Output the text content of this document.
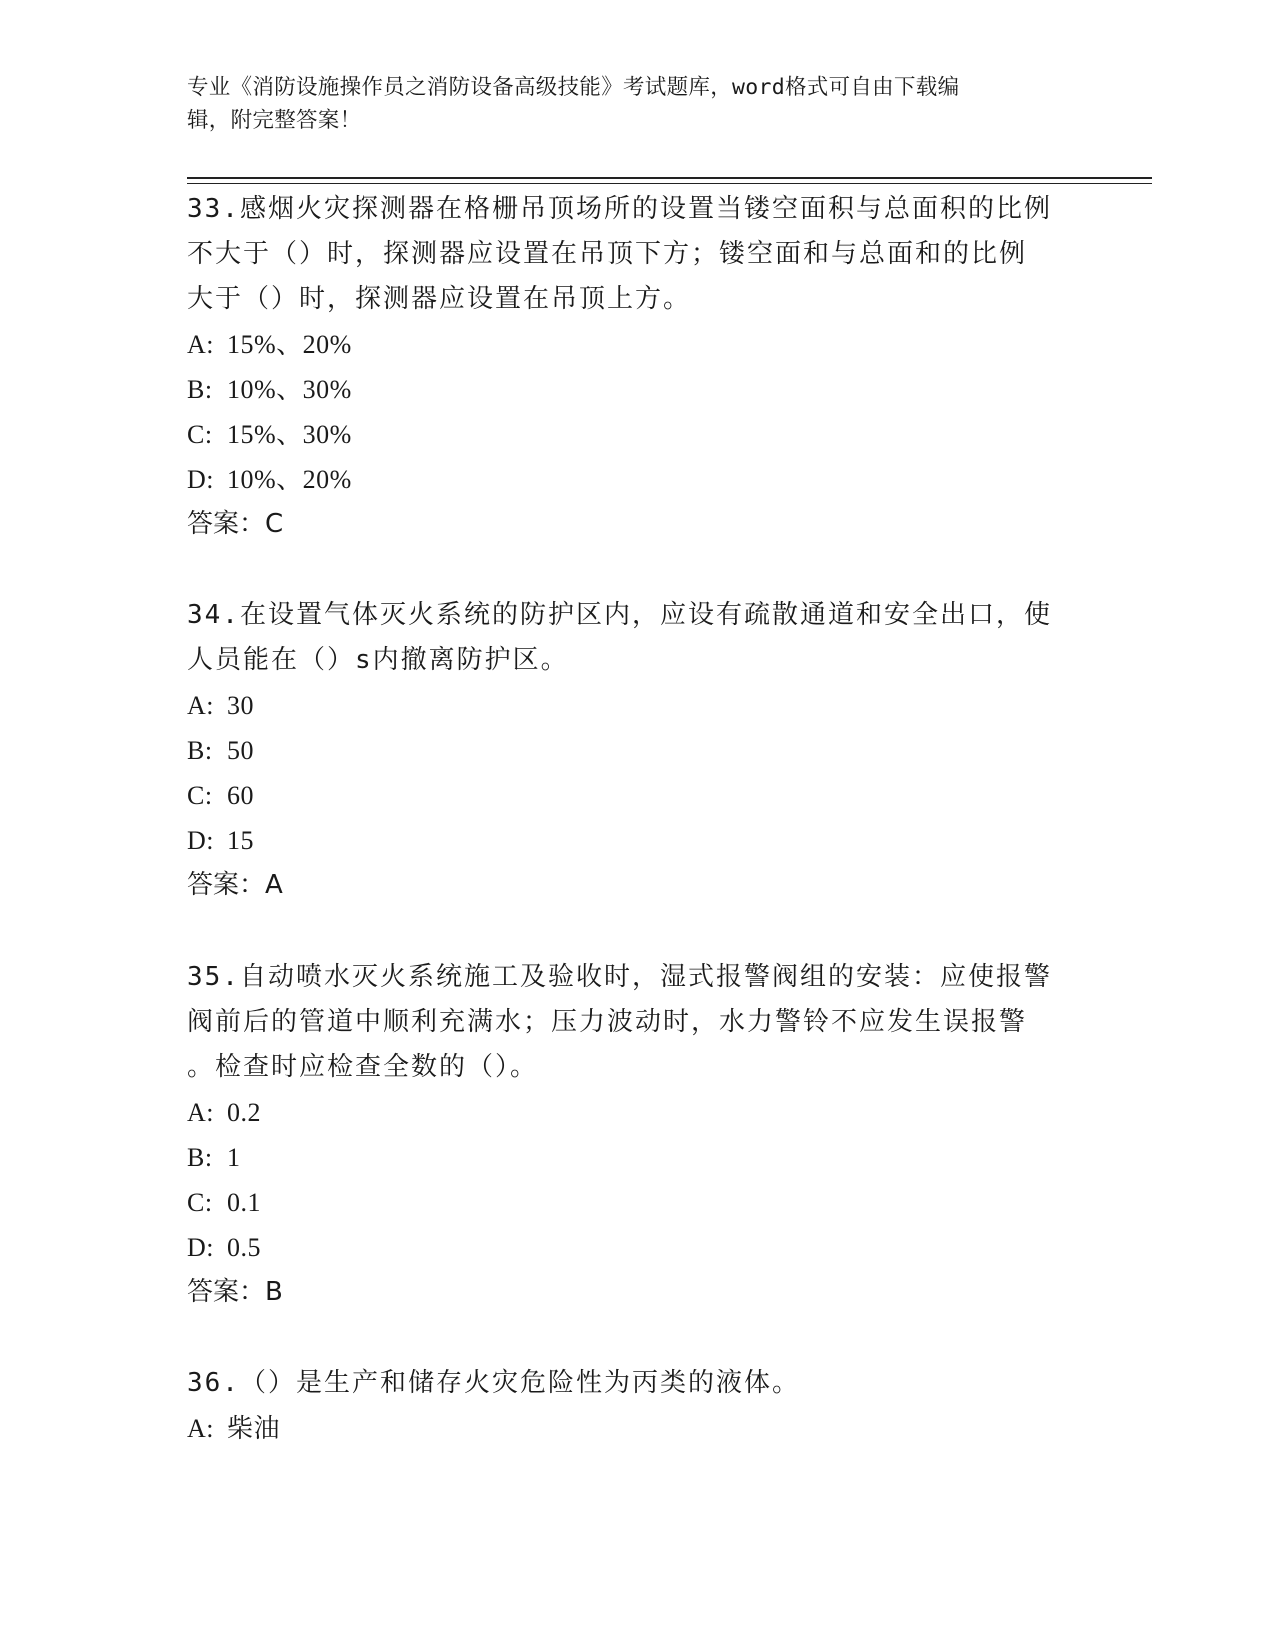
专业《消防设施操作员之消防设备高级技能》考试题库，word格式可自由下载编
辑，附完整答案！
33.感烟火灾探测器在格栅吊顶场所的设置当镂空面积与总面积的比例
不大于（）时，探测器应设置在吊顶下方；镂空面和与总面和的比例
大于（）时，探测器应设置在吊顶上方。
A: 15%、20%
B: 10%、30%
C: 15%、30%
D: 10%、20%
答案：C
34.在设置气体灭火系统的防护区内，应设有疏散通道和安全出口，使
人员能在（）s内撤离防护区。
A: 30
B: 50
C: 60
D: 15
答案：A
35.自动喷水灭火系统施工及验收时，湿式报警阀组的安装：应使报警
阀前后的管道中顺利充满水；压力波动时，水力警铃不应发生误报警
。检查时应检查全数的（）。
A: 0.2
B: 1
C: 0.1
D: 0.5
答案：B
36.（）是生产和储存火灾危险性为丙类的液体。
A: 柴油
